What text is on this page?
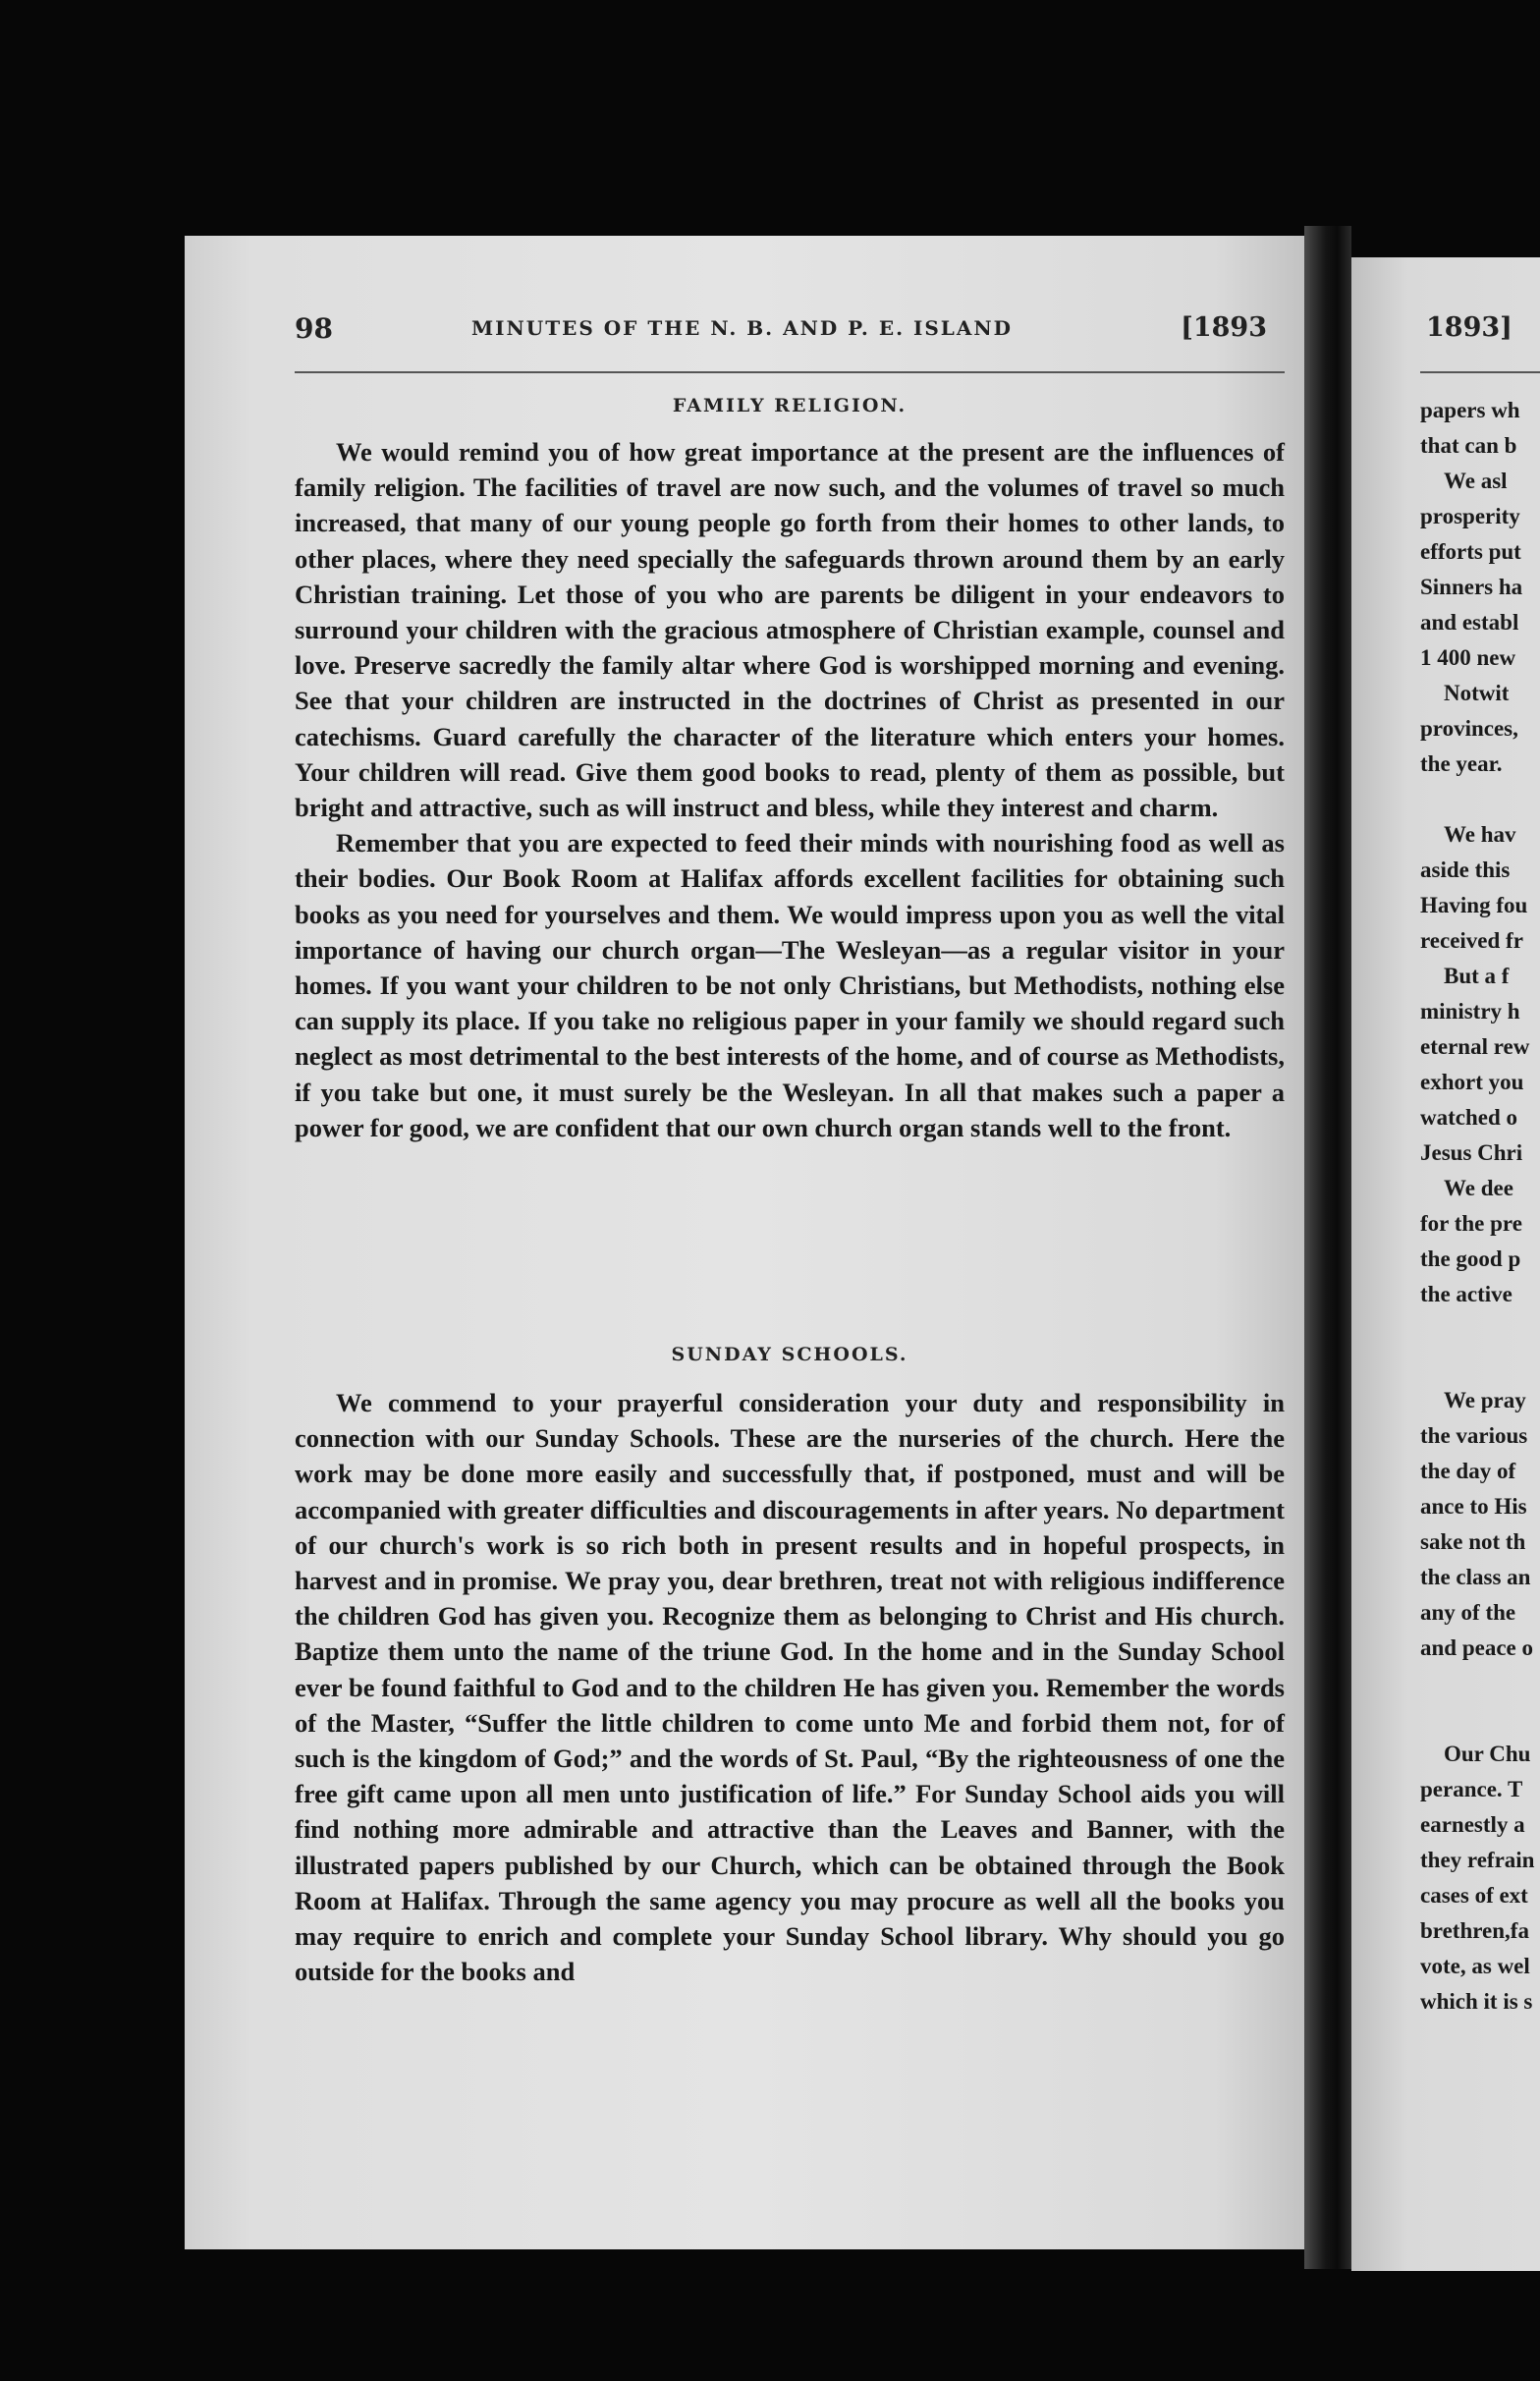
98	MINUTES OF THE N. B. AND P. E. ISLAND	[1893
FAMILY RELIGION.

We would remind you of how great importance at the present are the influences of family religion. The facilities of travel are now such, and the volumes of travel so much increased, that many of our young people go forth from their homes to other lands, to other places, where they need specially the safeguards thrown around them by an early Christian training. Let those of you who are parents be diligent in your endeavors to surround your children with the gracious atmosphere of Christian example, counsel and love. Preserve sacredly the family altar where God is worshipped morning and evening. See that your children are instructed in the doctrines of Christ as presented in our catechisms. Guard carefully the character of the literature which enters your homes. Your children will read. Give them good books to read, plenty of them as possible, but bright and attractive, such as will instruct and bless, while they interest and charm.

Remember that you are expected to feed their minds with nourishing food as well as their bodies. Our Book Room at Halifax affords excellent facilities for obtaining such books as you need for yourselves and them. We would impress upon you as well the vital importance of having our church organ—The Wesleyan—as a regular visitor in your homes. If you want your children to be not only Christians, but Methodists, nothing else can supply its place. If you take no religious paper in your family we should regard such neglect as most detrimental to the best interests of the home, and of course as Methodists, if you take but one, it must surely be the Wesleyan. In all that makes such a paper a power for good, we are confident that our own church organ stands well to the front.

SUNDAY SCHOOLS.

We commend to your prayerful consideration your duty and responsibility in connection with our Sunday Schools. These are the nurseries of the church. Here the work may be done more easily and successfully that, if postponed, must and will be accompanied with greater difficulties and discouragements in after years. No department of our church's work is so rich both in present results and in hopeful prospects, in harvest and in promise. We pray you, dear brethren, treat not with religious indifference the children God has given you. Recognize them as belonging to Christ and His church. Baptize them unto the name of the triune God. In the home and in the Sunday School ever be found faithful to God and to the children He has given you. Remember the words of the Master, “Suffer the little children to come unto Me and forbid them not, for of such is the kingdom of God;” and the words of St. Paul, “By the righteousness of one the free gift came upon all men unto justification of life.” For Sunday School aids you will find nothing more admirable and attractive than the Leaves and Banner, with the illustrated papers published by our Church, which can be obtained through the Book Room at Halifax. Through the same agency you may procure as well all the books you may require to enrich and complete your Sunday School library. Why should you go outside for the books and

1893]
papers wh
that can b
We asl
prosperity
efforts put
Sinners ha
and establ
1 400 new
Notwit
provinces,
the year.
We hav
aside this
Having fou
received fr
But a f
ministry h
eternal rew
exhort you
watched o
Jesus Chri
We dee
for the pre
the good p
the active
We pray
the various
the day of
ance to His
sake not th
the class an
any of the
and peace o
Our Chu
perance. T
earnestly a
they refrain
cases of ext
brethren,fa
vote, as wel
which it is s
